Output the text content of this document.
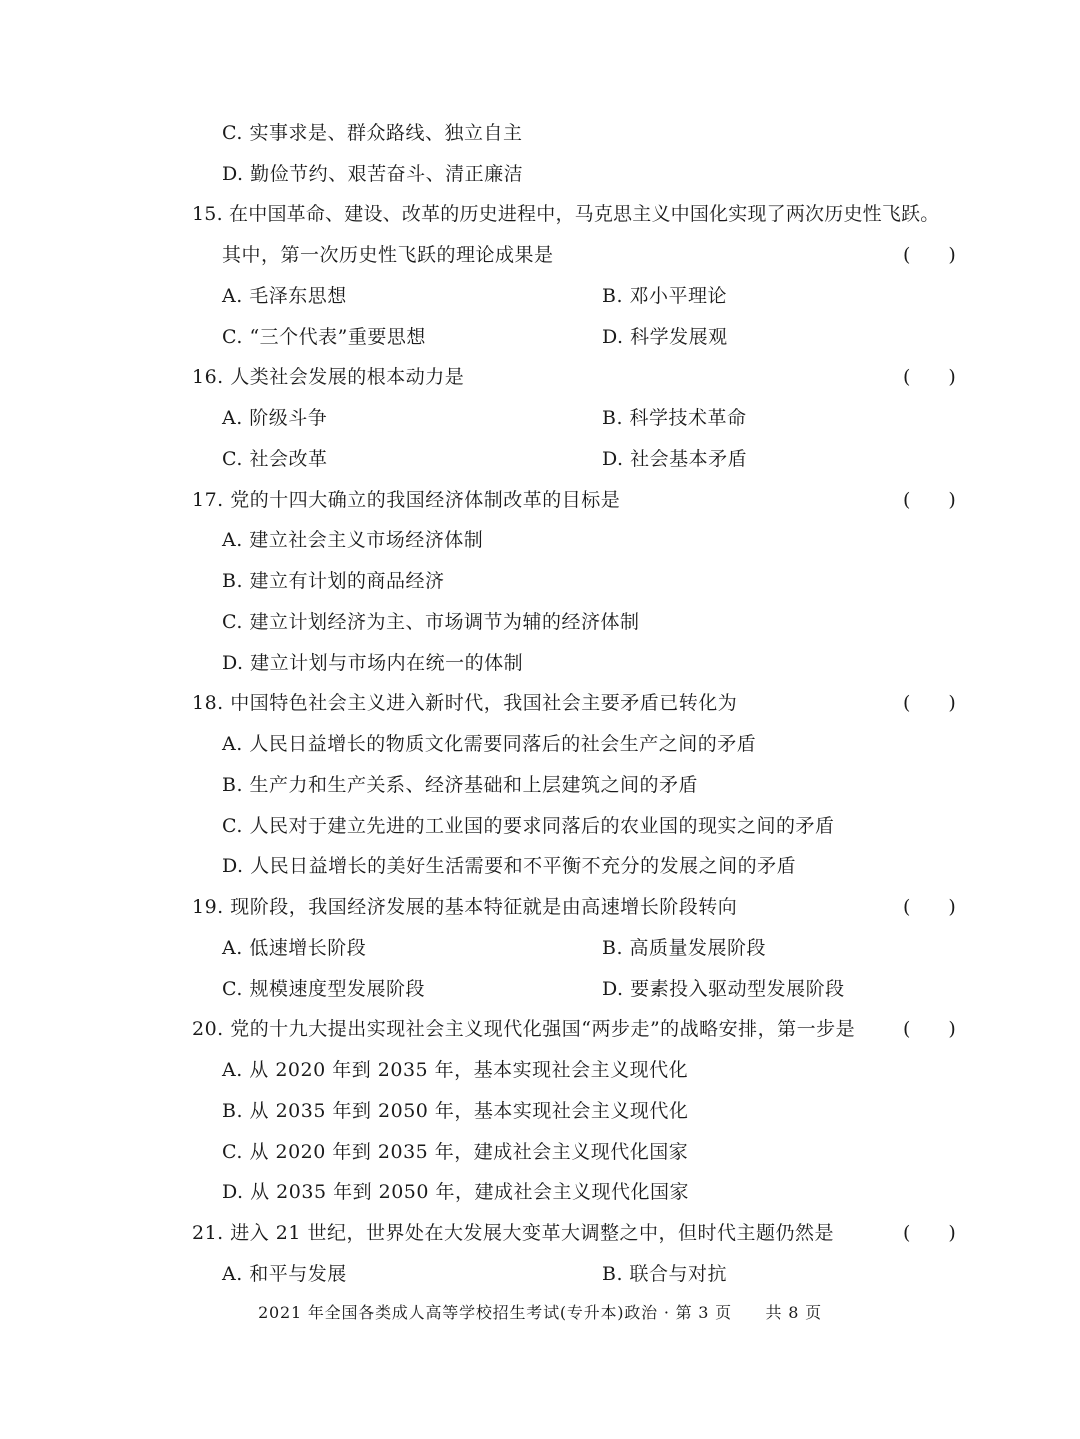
C. 实事求是、群众路线、独立自主
D. 勤俭节约、艰苦奋斗、清正廉洁
15. 在中国革命、建设、改革的历史进程中，马克思主义中国化实现了两次历史性飞跃。
其中，第一次历史性飞跃的理论成果是	(　　)
A. 毛泽东思想	B. 邓小平理论
C. “三个代表”重要思想	D. 科学发展观
16. 人类社会发展的根本动力是	(　　)
A. 阶级斗争	B. 科学技术革命
C. 社会改革	D. 社会基本矛盾
17. 党的十四大确立的我国经济体制改革的目标是	(　　)
A. 建立社会主义市场经济体制
B. 建立有计划的商品经济
C. 建立计划经济为主、市场调节为辅的经济体制
D. 建立计划与市场内在统一的体制
18. 中国特色社会主义进入新时代，我国社会主要矛盾已转化为	(　　)
A. 人民日益增长的物质文化需要同落后的社会生产之间的矛盾
B. 生产力和生产关系、经济基础和上层建筑之间的矛盾
C. 人民对于建立先进的工业国的要求同落后的农业国的现实之间的矛盾
D. 人民日益增长的美好生活需要和不平衡不充分的发展之间的矛盾
19. 现阶段，我国经济发展的基本特征就是由高速增长阶段转向	(　　)
A. 低速增长阶段	B. 高质量发展阶段
C. 规模速度型发展阶段	D. 要素投入驱动型发展阶段
20. 党的十九大提出实现社会主义现代化强国“两步走”的战略安排，第一步是	(　　)
A. 从 2020 年到 2035 年，基本实现社会主义现代化
B. 从 2035 年到 2050 年，基本实现社会主义现代化
C. 从 2020 年到 2035 年，建成社会主义现代化国家
D. 从 2035 年到 2050 年，建成社会主义现代化国家
21. 进入 21 世纪，世界处在大发展大变革大调整之中，但时代主题仍然是	(　　)
A. 和平与发展	B. 联合与对抗
2021 年全国各类成人高等学校招生考试(专升本)政治 · 第 3 页　　共 8 页
